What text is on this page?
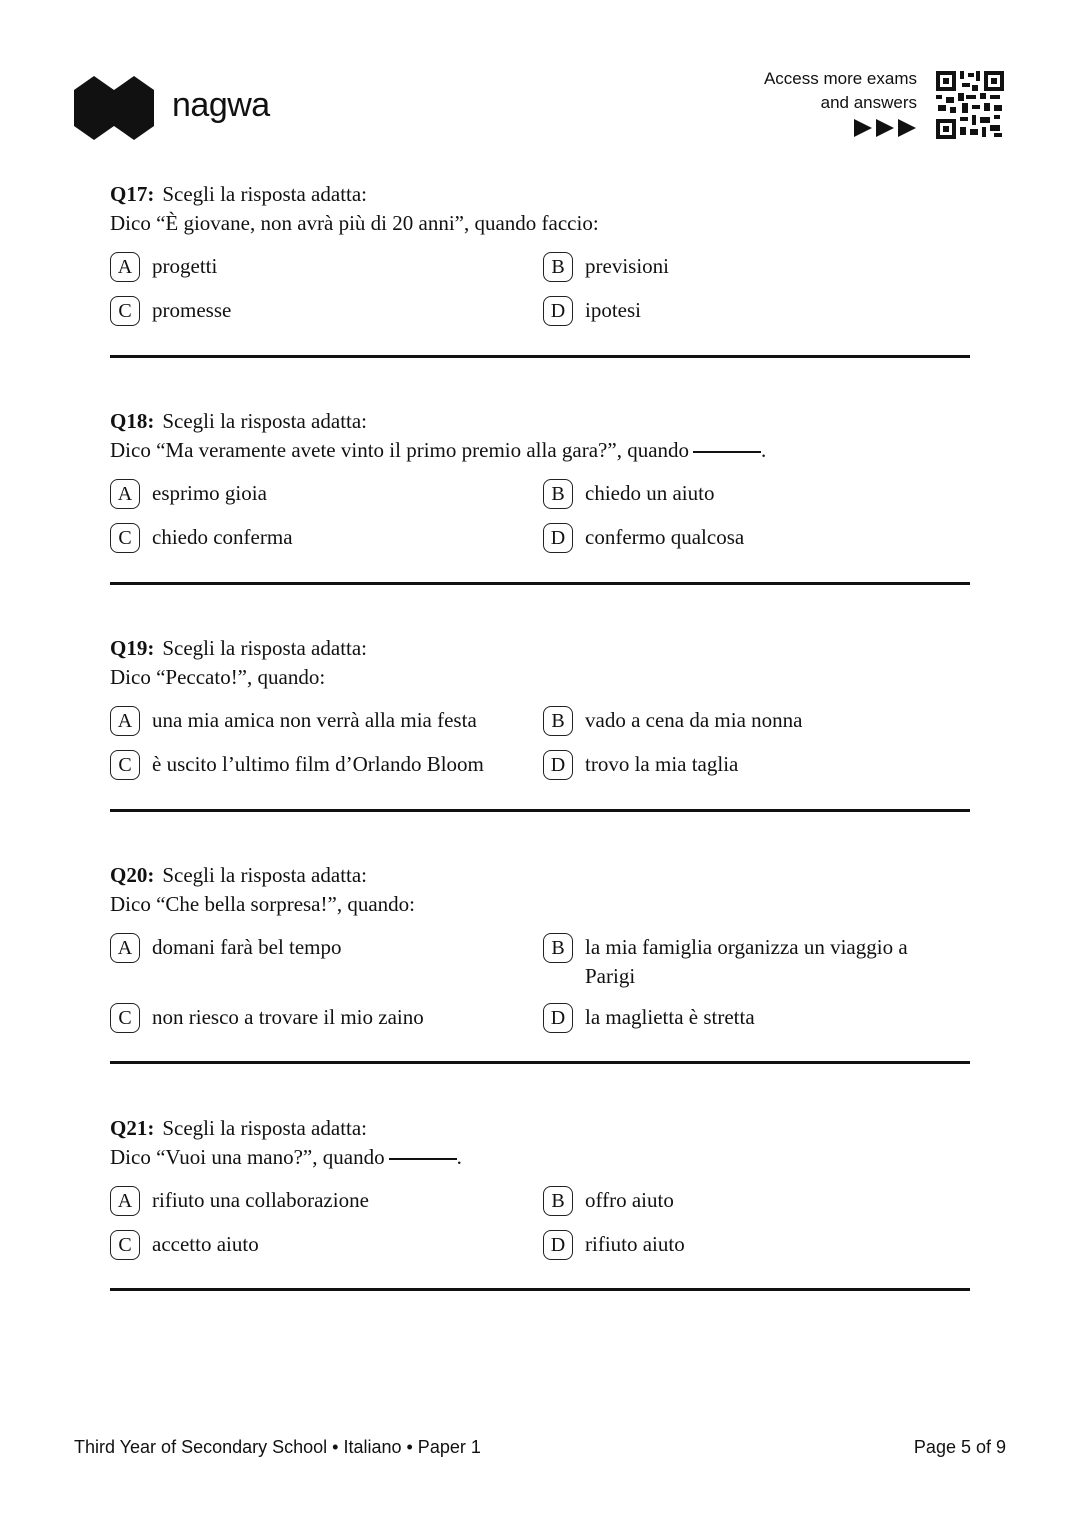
nagwa
Access more exams
and answers
Q17: Scegli la risposta adatta:
Dico “È giovane, non avrà più di 20 anni”, quando faccio:
A progetti	B previsioni
C promesse	D ipotesi
Q18: Scegli la risposta adatta:
Dico “Ma veramente avete vinto il primo premio alla gara?”, quando	.
A esprimo gioia	B chiedo un aiuto
C chiedo conferma	D confermo qualcosa
Q19: Scegli la risposta adatta:
Dico “Peccato!”, quando:
A una mia amica non verrà alla mia festa	B vado a cena da mia nonna
C è uscito l’ultimo film d’Orlando Bloom	D trovo la mia taglia
Q20: Scegli la risposta adatta:
Dico “Che bella sorpresa!”, quando:
A domani farà bel tempo	B la mia famiglia organizza un viaggio a Parigi
C non riesco a trovare il mio zaino	D la maglietta è stretta
Q21: Scegli la risposta adatta:
Dico “Vuoi una mano?”, quando	.
A rifiuto una collaborazione	B offro aiuto
C accetto aiuto	D rifiuto aiuto
Third Year of Secondary School • Italiano • Paper 1	Page 5 of 9
